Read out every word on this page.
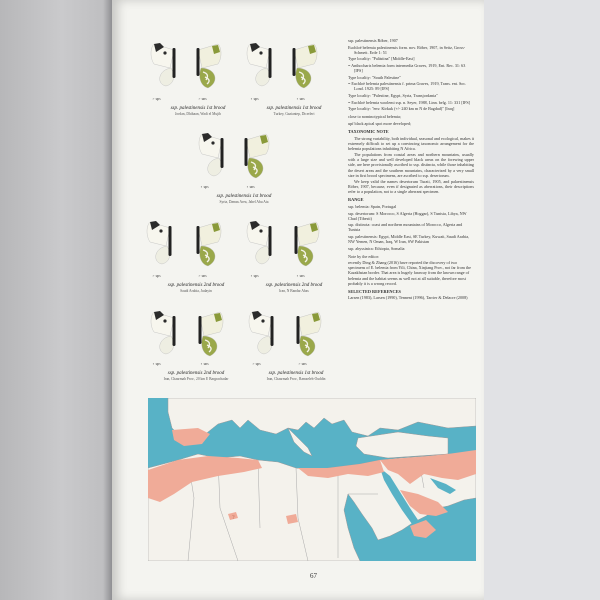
♂ ups	♂ uns	♀ ups	♀ uns
♀ ups	♀ uns
♂ ups	♂ uns	♀ ups	♀ uns
♀ ups	♀ uns	♂ ups	♂ uns
ssp. palestinensis 1st brood
Jordan, Dhibaan, Wadi el Mujib
ssp. palestinensis 1st brood
Turkey, Gaziantep, Dicerleri
ssp. palestinensis 1st brood
Syria, Damas Area, Jabel Abu Ata
ssp. palestinensis 2nd brood
Saudi Arabia, Judayin
ssp. palestinensis 2nd brood
Iran, N Bandar Abas
ssp. palestinensis 2nd brood
Iran, Chaarmah Prov., 20 km E Bargrachadar
ssp. palestinensis 1st brood
Iran, Chaarmah Prov., Ramzeleh-Ouddin

ssp. palestinensis Röber, 1907

Euchloë belemia palestinensis form. nov. Röber, 1907, in Seitz, Gross-Schmett. Erde 1: 51

Type locality: "Palästina" [Middle-East]

= Anthocharis belemia form intermedia Graves, 1919, Ent. Rec. 31: 63 [IFS]

Type locality: "South Palestine"

= Euchloë belemia palestinensis f. prima Graves, 1919, Trans. ent. Soc. Lond. 1925: 89 [IFS]

Type locality: "Palestine, Egypt, Syria, Transjordania"

= Euchloë belemia woolemi ssp. n. Seyer, 1988, Linn. belg. 11: 331 [IFS]

Type locality: "env. Kirkuk (+/- 240 km m N de Bagdad)" [Iraq]

close to nominotypical belemia;

upf black apical spot more developed;

TAXONOMIC NOTE

The strong variability, both individual, seasonal and ecological, makes it extremely difficult to set up a convincing taxonomic arrangement for the belemia populations inhabiting N Africa.

The populations from coastal areas and northern mountains, usually with a large size and well developed black areas on the forewing upper side, are here provisionally ascribed to ssp. distincta, while those inhabiting the desert areas and the southern mountains, characterized by a very small size in first brood specimens, are ascribed to ssp. desertorum.

We keep valid the names desertorum Turati, 1905, and palaestinensis Röber, 1907, because, even if designated as aberrations, their descriptions refer to a population, not to a single aberrant specimen.

RANGE

ssp. belemia: Spain, Portugal

ssp. desertorum: S Morocco, S Algeria (Hoggar), S Tunisia, Libya, NW Chad (Tibesti)

ssp. distincta: coast and northern mountains of Morocco, Algeria and Tunisia

ssp. palestinensis: Egypt, Middle East, SE Turkey, Kuwait, Saudi Arabia, NW Yemen, N Oman, Iraq, W Iran, SW Pakistan

ssp. abyssinica: Ethiopia, Somalia

Note by the editor:

recently Ding & Zhang (2016) have reported the discovery of two specimens of E. belemia from Yili, China, Xinjiang Prov., not far from the Kazakhstan border. That area is hugely faraway from the known range of belemia and the habitat seems as well not at all suitable, therefore most probably it is a wrong record.

SELECTED REFERENCES

Larsen (1983), Larsen (1990), Tennent (1996), Tarrier & Delacre (2008)

?
67
